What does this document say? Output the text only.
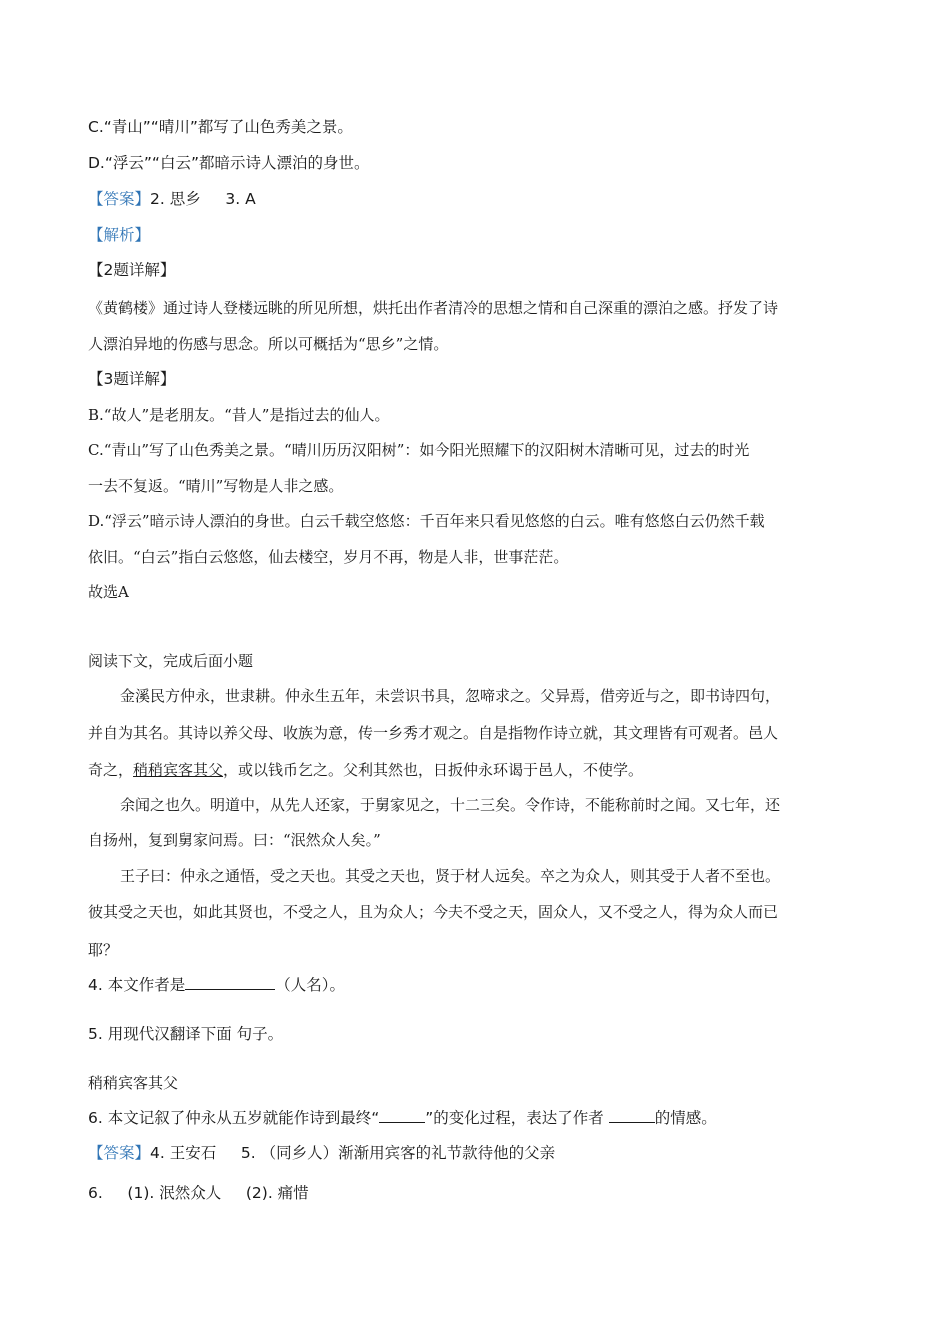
C.“青山”“晴川”都写了山色秀美之景。
D.“浮云”“白云”都暗示诗人漂泊的身世。
【答案】2. 思乡     3. A
【解析】
【2题详解】
《黄鹤楼》通过诗人登楼远眺的所见所想，烘托出作者清冷的思想之情和自己深重的漂泊之感。抒发了诗
人漂泊异地的伤感与思念。所以可概括为“思乡”之情。
【3题详解】
B.“故人”是老朋友。“昔人”是指过去的仙人。
C.“青山”写了山色秀美之景。“晴川历历汉阳树”：如今阳光照耀下的汉阳树木清晰可见，过去的时光
一去不复返。“晴川”写物是人非之感。
D.“浮云”暗示诗人漂泊的身世。白云千载空悠悠：千百年来只看见悠悠的白云。唯有悠悠白云仍然千载
依旧。“白云”指白云悠悠，仙去楼空，岁月不再，物是人非，世事茫茫。
故选A
阅读下文，完成后面小题
金溪民方仲永，世隶耕。仲永生五年，未尝识书具，忽啼求之。父异焉，借旁近与之，即书诗四句，
并自为其名。其诗以养父母、收族为意，传一乡秀才观之。自是指物作诗立就，其文理皆有可观者。邑人
奇之，稍稍宾客其父，或以钱币乞之。父利其然也，日扳仲永环谒于邑人，不使学。
余闻之也久。明道中，从先人还家，于舅家见之，十二三矣。令作诗，不能称前时之闻。又七年，还
自扬州，复到舅家问焉。曰：“泯然众人矣。”
王子曰：仲永之通悟，受之天也。其受之天也，贤于材人远矣。卒之为众人，则其受于人者不至也。
彼其受之天也，如此其贤也，不受之人，且为众人；今夫不受之天，固众人，又不受之人，得为众人而已
耶？
4. 本文作者是	（人名）。
5. 用现代汉翻译下面 句子。
稍稍宾客其父
6. 本文记叙了仲永从五岁就能作诗到最终“	”的变化过程，表达了作者	的情感。
【答案】4. 王安石     5. （同乡人）渐渐用宾客的礼节款待他的父亲
6.     (1). 泯然众人     (2). 痛惜
